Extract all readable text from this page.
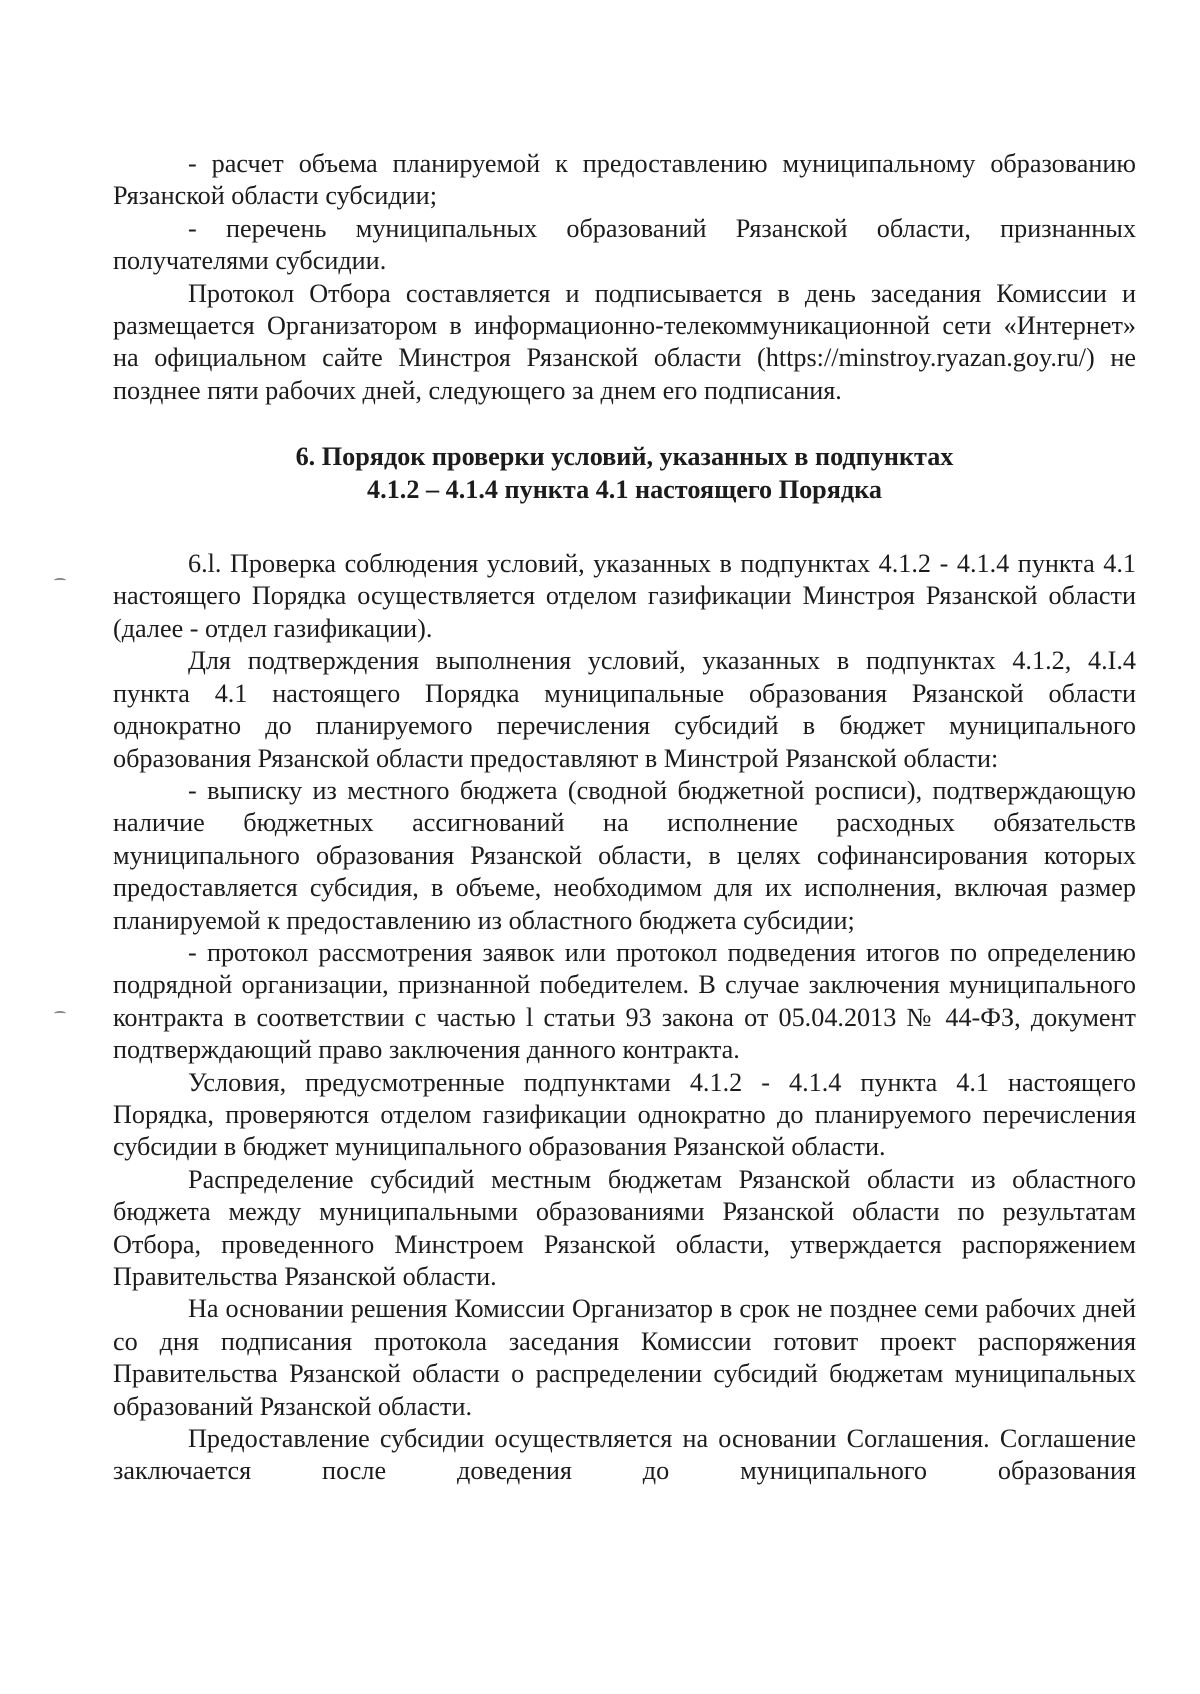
- расчет объема планируемой к предоставлению муниципальному образованию Рязанской области субсидии;

- перечень муниципальных образований Рязанской области, признанных получателями субсидии.

Протокол Отбора составляется и подписывается в день заседания Комиссии и размещается Организатором в информационно-телекоммуникационной сети «Интернет» на официальном сайте Минстроя Рязанской области (https://minstroy.ryazan.goy.ru/) не позднее пяти рабочих дней, следующего за днем его подписания.

6. Порядок проверки условий, указанных в подпунктах
4.1.2 – 4.1.4 пункта 4.1 настоящего Порядка

6.l. Проверка соблюдения условий, указанных в подпунктах 4.1.2 - 4.1.4 пункта 4.1 настоящего Порядка осуществляется отделом газификации Минстроя Рязанской области (далее - отдел газификации).

Для подтверждения выполнения условий, указанных в подпунктах 4.1.2, 4.I.4 пункта 4.1 настоящего Порядка муниципальные образования Рязанской области однократно до планируемого перечисления субсидий в бюджет муниципального образования Рязанской области предоставляют в Минстрой Рязанской области:

- выписку из местного бюджета (сводной бюджетной росписи), подтверждающую наличие бюджетных ассигнований на исполнение расходных обязательств муниципального образования Рязанской области, в целях софинансирования которых предоставляется субсидия, в объеме, необходимом для их исполнения, включая размер планируемой к предоставлению из областного бюджета субсидии;

- протокол рассмотрения заявок или протокол подведения итогов по определению подрядной организации, признанной победителем. В случае заключения муниципального контракта в соответствии с частью l статьи 93 закона от 05.04.2013 № 44-ФЗ, документ подтверждающий право заключения данного контракта.

Условия, предусмотренные подпунктами 4.1.2 - 4.1.4 пункта 4.1 настоящего Порядка, проверяются отделом газификации однократно до планируемого перечисления субсидии в бюджет муниципального образования Рязанской области.

Распределение субсидий местным бюджетам Рязанской области из областного бюджета между муниципальными образованиями Рязанской области по результатам Отбора, проведенного Минстроем Рязанской области, утверждается распоряжением Правительства Рязанской области.

На основании решения Комиссии Организатор в срок не позднее семи рабочих дней со дня подписания протокола заседания Комиссии готовит проект распоряжения Правительства Рязанской области о распределении субсидий бюджетам муниципальных образований Рязанской области.

Предоставление субсидии осуществляется на основании Соглашения. Соглашение заключается после доведения до муниципального образования
